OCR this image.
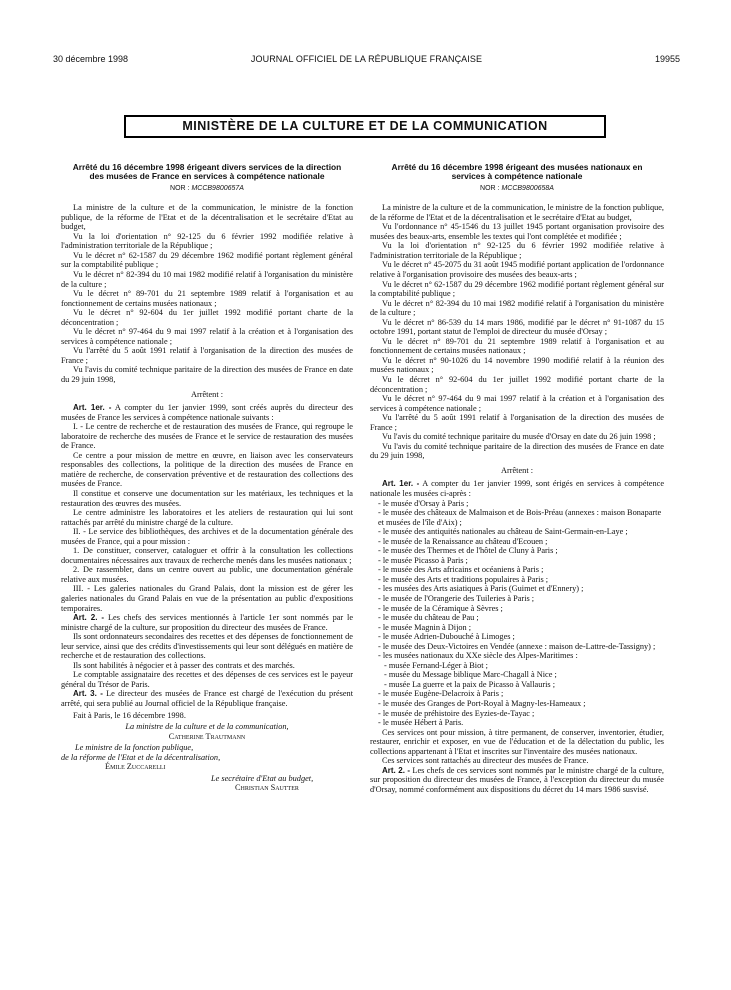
30 décembre 1998	JOURNAL OFFICIEL DE LA RÉPUBLIQUE FRANÇAISE	19955
MINISTÈRE DE LA CULTURE ET DE LA COMMUNICATION
Arrêté du 16 décembre 1998 érigeant divers services de la direction des musées de France en services à compétence nationale
NOR : MCCB9800657A

La ministre de la culture et de la communication, le ministre de la fonction publique, de la réforme de l'Etat et de la décentralisation et le secrétaire d'Etat au budget,

Vu la loi d'orientation n° 92-125 du 6 février 1992 modifiée relative à l'administration territoriale de la République ;

Vu le décret n° 62-1587 du 29 décembre 1962 modifié portant règlement général sur la comptabilité publique ;

Vu le décret n° 82-394 du 10 mai 1982 modifié relatif à l'organisation du ministère de la culture ;

Vu le décret n° 89-701 du 21 septembre 1989 relatif à l'organisation et au fonctionnement de certains musées nationaux ;

Vu le décret n° 92-604 du 1er juillet 1992 modifié portant charte de la déconcentration ;

Vu le décret n° 97-464 du 9 mai 1997 relatif à la création et à l'organisation des services à compétence nationale ;

Vu l'arrêté du 5 août 1991 relatif à l'organisation de la direction des musées de France ;

Vu l'avis du comité technique paritaire de la direction des musées de France en date du 29 juin 1998,

Arrêtent :

Art. 1er. - A compter du 1er janvier 1999, sont créés auprès du directeur des musées de France les services à compétence nationale suivants :

I. - Le centre de recherche et de restauration des musées de France, qui regroupe le laboratoire de recherche des musées de France et le service de restauration des musées de France.

Ce centre a pour mission de mettre en œuvre, en liaison avec les conservateurs responsables des collections, la politique de la direction des musées de France en matière de recherche, de conservation préventive et de restauration des collections des musées de France.

Il constitue et conserve une documentation sur les matériaux, les techniques et la restauration des œuvres des musées.

Le centre administre les laboratoires et les ateliers de restauration qui lui sont rattachés par arrêté du ministre chargé de la culture.

II. - Le service des bibliothèques, des archives et de la documentation générale des musées de France, qui a pour mission :

1. De constituer, conserver, cataloguer et offrir à la consultation les collections documentaires nécessaires aux travaux de recherche menés dans les musées nationaux ;

2. De rassembler, dans un centre ouvert au public, une documentation générale relative aux musées.

III. - Les galeries nationales du Grand Palais, dont la mission est de gérer les galeries nationales du Grand Palais en vue de la présentation au public d'expositions temporaires.

Art. 2. - Les chefs des services mentionnés à l'article 1er sont nommés par le ministre chargé de la culture, sur proposition du directeur des musées de France.

Ils sont ordonnateurs secondaires des recettes et des dépenses de fonctionnement de leur service, ainsi que des crédits d'investissements qui leur sont délégués en matière de recherche et de restauration des collections.

Ils sont habilités à négocier et à passer des contrats et des marchés.

Le comptable assignataire des recettes et des dépenses de ces services est le payeur général du Trésor de Paris.

Art. 3. - Le directeur des musées de France est chargé de l'exécution du présent arrêté, qui sera publié au Journal officiel de la République française.

Fait à Paris, le 16 décembre 1998.

La ministre de la culture et de la communication,

Catherine Trautmann

Le ministre de la fonction publique,

de la réforme de l'Etat et de la décentralisation,

Émile Zuccarelli

Le secrétaire d'Etat au budget,

Christian Sautter

Arrêté du 16 décembre 1998 érigeant des musées nationaux en services à compétence nationale
NOR : MCCB9800658A

La ministre de la culture et de la communication, le ministre de la fonction publique, de la réforme de l'Etat et de la décentralisation et le secrétaire d'Etat au budget,

Vu l'ordonnance n° 45-1546 du 13 juillet 1945 portant organisation provisoire des musées des beaux-arts, ensemble les textes qui l'ont complétée et modifiée ;

Vu la loi d'orientation n° 92-125 du 6 février 1992 modifiée relative à l'administration territoriale de la République ;

Vu le décret n° 45-2075 du 31 août 1945 modifié portant application de l'ordonnance relative à l'organisation provisoire des musées des beaux-arts ;

Vu le décret n° 62-1587 du 29 décembre 1962 modifié portant règlement général sur la comptabilité publique ;

Vu le décret n° 82-394 du 10 mai 1982 modifié relatif à l'organisation du ministère de la culture ;

Vu le décret n° 86-539 du 14 mars 1986, modifié par le décret n° 91-1087 du 15 octobre 1991, portant statut de l'emploi de directeur du musée d'Orsay ;

Vu le décret n° 89-701 du 21 septembre 1989 relatif à l'organisation et au fonctionnement de certains musées nationaux ;

Vu le décret n° 90-1026 du 14 novembre 1990 modifié relatif à la réunion des musées nationaux ;

Vu le décret n° 92-604 du 1er juillet 1992 modifié portant charte de la déconcentration ;

Vu le décret n° 97-464 du 9 mai 1997 relatif à la création et à l'organisation des services à compétence nationale ;

Vu l'arrêté du 5 août 1991 relatif à l'organisation de la direction des musées de France ;

Vu l'avis du comité technique paritaire du musée d'Orsay en date du 26 juin 1998 ;

Vu l'avis du comité technique paritaire de la direction des musées de France en date du 29 juin 1998,

Arrêtent :

Art. 1er. - A compter du 1er janvier 1999, sont érigés en services à compétence nationale les musées ci-après :

- le musée d'Orsay à Paris ;

- le musée des châteaux de Malmaison et de Bois-Préau (annexes : maison Bonaparte et musées de l'île d'Aix) ;

- le musée des antiquités nationales au château de Saint-Germain-en-Laye ;

- le musée de la Renaissance au château d'Ecouen ;

- le musée des Thermes et de l'hôtel de Cluny à Paris ;

- le musée Picasso à Paris ;

- le musée des Arts africains et océaniens à Paris ;

- le musée des Arts et traditions populaires à Paris ;

- les musées des Arts asiatiques à Paris (Guimet et d'Ennery) ;

- le musée de l'Orangerie des Tuileries à Paris ;

- le musée de la Céramique à Sèvres ;

- le musée du château de Pau ;

- le musée Magnin à Dijon ;

- le musée Adrien-Dubouché à Limoges ;

- le musée des Deux-Victoires en Vendée (annexe : maison de-Lattre-de-Tassigny) ;

- les musées nationaux du XXe siècle des Alpes-Maritimes :

- musée Fernand-Léger à Biot ;

- musée du Message biblique Marc-Chagall à Nice ;

- musée La guerre et la paix de Picasso à Vallauris ;

- le musée Eugène-Delacroix à Paris ;

- le musée des Granges de Port-Royal à Magny-les-Hameaux ;

- le musée de préhistoire des Eyzies-de-Tayac ;

- le musée Hébert à Paris.

Ces services ont pour mission, à titre permanent, de conserver, inventorier, étudier, restaurer, enrichir et exposer, en vue de l'éducation et de la délectation du public, les collections appartenant à l'Etat et inscrites sur l'inventaire des musées nationaux.

Ces services sont rattachés au directeur des musées de France.

Art. 2. - Les chefs de ces services sont nommés par le ministre chargé de la culture, sur proposition du directeur des musées de France, à l'exception du directeur du musée d'Orsay, nommé conformément aux dispositions du décret du 14 mars 1986 susvisé.
